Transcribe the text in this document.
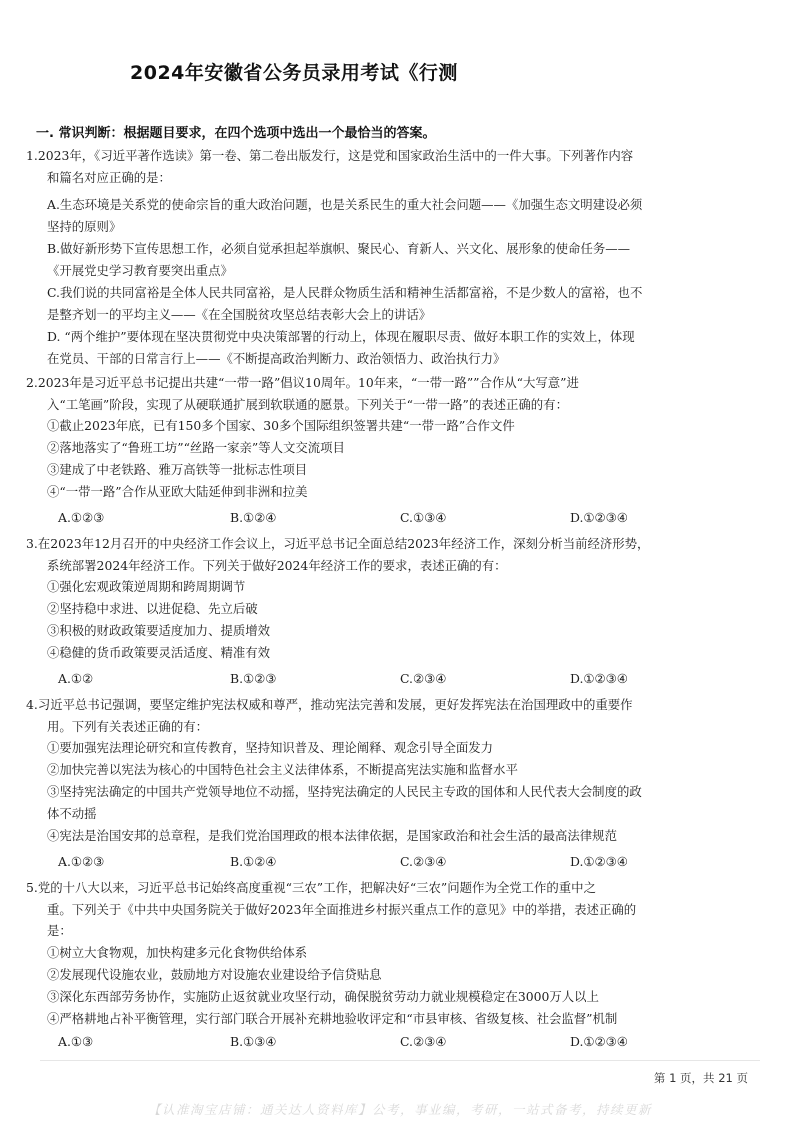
2024年安徽省公务员录用考试《行测
一. 常识判断：根据题目要求，在四个选项中选出一个最恰当的答案。
1.2023年，《习近平著作选读》第一卷、第二卷出版发行，这是党和国家政治生活中的一件大事。下列著作内容
和篇名对应正确的是：
A.生态环境是关系党的使命宗旨的重大政治问题，也是关系民生的重大社会问题——《加强生态文明建设必须
坚持的原则》
B.做好新形势下宣传思想工作，必须自觉承担起举旗帜、聚民心、育新人、兴文化、展形象的使命任务——
《开展党史学习教育要突出重点》
C.我们说的共同富裕是全体人民共同富裕，是人民群众物质生活和精神生活都富裕，不是少数人的富裕，也不
是整齐划一的平均主义——《在全国脱贫攻坚总结表彰大会上的讲话》
D. “两个维护”要体现在坚决贯彻党中央决策部署的行动上，体现在履职尽责、做好本职工作的实效上，体现
在党员、干部的日常言行上——《不断提高政治判断力、政治领悟力、政治执行力》
2.2023年是习近平总书记提出共建“一带一路”倡议10周年。10年来，“一带一路””合作从“大写意”进
入“工笔画”阶段，实现了从硬联通扩展到软联通的愿景。下列关于“一带一路”的表述正确的有：
①截止2023年底，已有150多个国家、30多个国际组织签署共建“一带一路”合作文件
②落地落实了“鲁班工坊”“丝路一家亲”等人文交流项目
③建成了中老铁路、雅万高铁等一批标志性项目
④“一带一路”合作从亚欧大陆延伸到非洲和拉美
A.①②③	B.①②④	C.①③④	D.①②③④
3.在2023年12月召开的中央经济工作会议上，习近平总书记全面总结2023年经济工作，深刻分析当前经济形势，
系统部署2024年经济工作。下列关于做好2024年经济工作的要求，表述正确的有：
①强化宏观政策逆周期和跨周期调节
②坚持稳中求进、以进促稳、先立后破
③积极的财政政策要适度加力、提质增效
④稳健的货币政策要灵活适度、精准有效
A.①②	B.①②③	C.②③④	D.①②③④
4.习近平总书记强调，要坚定维护宪法权威和尊严，推动宪法完善和发展，更好发挥宪法在治国理政中的重要作
用。下列有关表述正确的有：
①要加强宪法理论研究和宣传教育，坚持知识普及、理论阐释、观念引导全面发力
②加快完善以宪法为核心的中国特色社会主义法律体系，不断提高宪法实施和监督水平
③坚持宪法确定的中国共产党领导地位不动摇，坚持宪法确定的人民民主专政的国体和人民代表大会制度的政
体不动摇
④宪法是治国安邦的总章程，是我们党治国理政的根本法律依据，是国家政治和社会生活的最高法律规范
A.①②③	B.①②④	C.②③④	D.①②③④
5.党的十八大以来，习近平总书记始终高度重视“三农”工作，把解决好“三农”问题作为全党工作的重中之
重。下列关于《中共中央国务院关于做好2023年全面推进乡村振兴重点工作的意见》中的举措，表述正确的
是：
①树立大食物观，加快构建多元化食物供给体系
②发展现代设施农业，鼓励地方对设施农业建设给予信贷贴息
③深化东西部劳务协作，实施防止返贫就业攻坚行动，确保脱贫劳动力就业规模稳定在3000万人以上
④严格耕地占补平衡管理，实行部门联合开展补充耕地验收评定和“市县审核、省级复核、社会监督”机制
A.①③	B.①③④	C.②③④	D.①②③④
第 1 页，共 21 页
【认准淘宝店铺：通关达人资料库】公考，事业编，考研，一站式备考，持续更新
